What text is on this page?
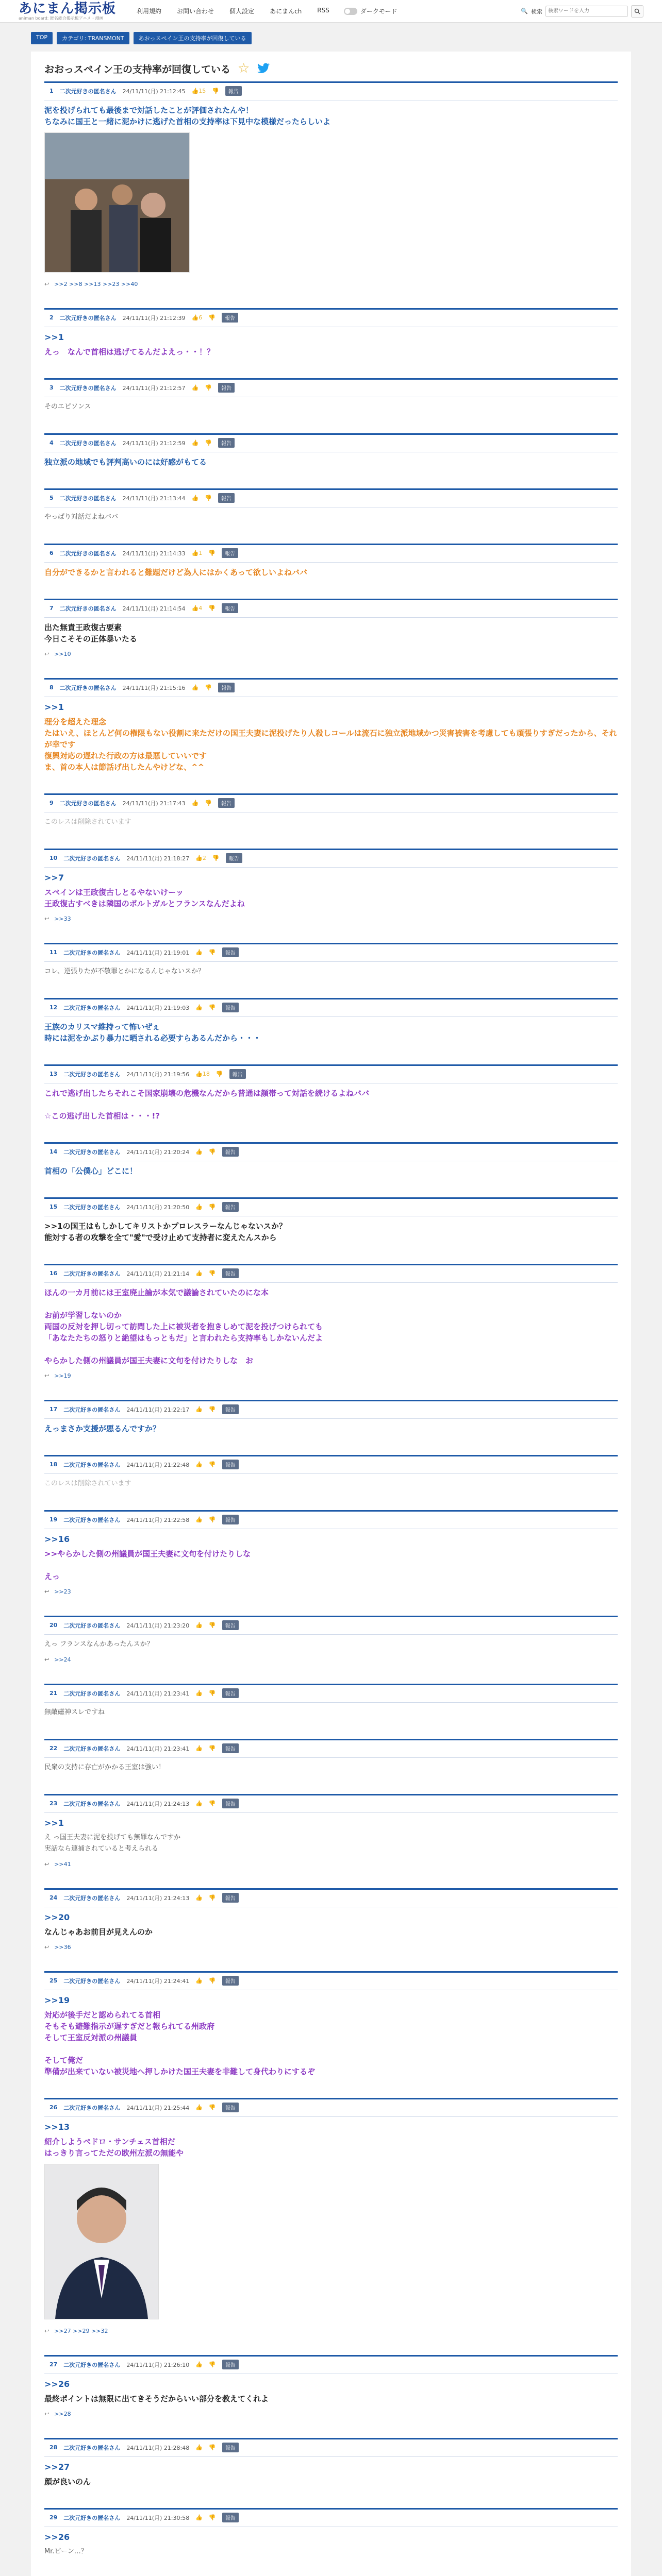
あにまん掲示板
animan board: 匿名総合掲示板アニメ・漫画
利用規約	お問い合わせ	個人設定	あにまんch	RSS	ダークモード	🔍 検索
検索ワードを入力
TOP	カテゴリ: TRANSMONT	あおっスペイン王の支持率が回復している
おおっスペイン王の支持率が回復している ☆
1 二次元好きの匿名さん 24/11/11(月) 21:12:45 👍15 👎	報告
泥を投げられても最後まで対話したことが評価されたんや！
ちなみに国王と一緒に泥かけに逃げた首相の支持率は下見中な模様だったらしいよ
↩ >>2 >>8 >>13 >>23 >>40
2 二次元好きの匿名さん 24/11/11(月) 21:12:39 👍6 👎	報告
>>1
えっ　なんで首相は逃げてるんだよえっ・・！？
3 二次元好きの匿名さん 24/11/11(月) 21:12:57 👍 👎	報告
そのエピソンス
4 二次元好きの匿名さん 24/11/11(月) 21:12:59 👍 👎	報告
独立派の地域でも評判高いのには好感がもてる
5 二次元好きの匿名さん 24/11/11(月) 21:13:44 👍 👎	報告
やっぱり対話だよねババ
6 二次元好きの匿名さん 24/11/11(月) 21:14:33 👍1 👎	報告
自分ができるかと言われると難題だけど為人にはかくあって欲しいよねババ
7 二次元好きの匿名さん 24/11/11(月) 21:14:54 👍4 👎	報告
出た無責王政復古要素
今日こそその正体暴いたる
↩ >>10
8 二次元好きの匿名さん 24/11/11(月) 21:15:16 👍 👎	報告
>>1
理分を超えた理念
たはいえ、ほとんど何の権限もない役割に来ただけの国王夫妻に泥投げたり人殺しコールは流石に独立派地域かつ災害被害を考慮しても頑張りすぎだったから、それが幸です
復興対応の遅れた行政の方は最悪していいです
ま、首の本人は節話げ出したんやけどな、^^
9 二次元好きの匿名さん 24/11/11(月) 21:17:43 👍 👎	報告
このレスは削除されています
10 二次元好きの匿名さん 24/11/11(月) 21:18:27 👍2 👎	報告
>>7
スペインは王政復古しとるやないけーッ
王政復古すべきは隣国のポルトガルとフランスなんだよね
↩ >>33
11 二次元好きの匿名さん 24/11/11(月) 21:19:01 👍 👎	報告
コレ、逆張りたが不敬罪とかになるんじゃないスか？
12 二次元好きの匿名さん 24/11/11(月) 21:19:03 👍 👎	報告
王族のカリスマ維持って怖いぜぇ
時には泥をかぶり暴力に晒される必要すらあるんだから・・・
13 二次元好きの匿名さん 24/11/11(月) 21:19:56 👍18 👎	報告
これで逃げ出したらそれこそ国家崩壊の危機なんだから普通は顔帯って対話を続けるよねババ

☆この逃げ出した首相は・・・!?
14 二次元好きの匿名さん 24/11/11(月) 21:20:24 👍 👎	報告
首相の「公僕心」どこに！
15 二次元好きの匿名さん 24/11/11(月) 21:20:50 👍 👎	報告
>>1の国王はもしかしてキリストかプロレスラーなんじゃないスか？
能対する者の攻撃を全て"愛"で受け止めて支持者に変えたんスから
16 二次元好きの匿名さん 24/11/11(月) 21:21:14 👍 👎	報告
ほんの一カ月前には王室廃止論が本気で議論されていたのにな本

お前が学習しないのか
両国の反対を押し切って訪問した上に被災者を抱きしめて泥を投げつけられても
「あなたたちの怒りと絶望はもっともだ」と言われたら支持率もしかないんだよ

やらかした側の州議員が国王夫妻に文句を付けたりしな　お
↩ >>19
17 二次元好きの匿名さん 24/11/11(月) 21:22:17 👍 👎	報告
えっまさか支援が悪るんですか？
18 二次元好きの匿名さん 24/11/11(月) 21:22:48 👍 👎	報告
このレスは削除されています
19 二次元好きの匿名さん 24/11/11(月) 21:22:58 👍 👎	報告
>>16
>>やらかした側の州議員が国王夫妻に文句を付けたりしな

えっ
↩ >>23
20 二次元好きの匿名さん 24/11/11(月) 21:23:20 👍 👎	報告
えっ フランスなんかあったんスか？
↩ >>24
21 二次元好きの匿名さん 24/11/11(月) 21:23:41 👍 👎	報告
無敵磁神スレですね
22 二次元好きの匿名さん 24/11/11(月) 21:23:41 👍 👎	報告
民衆の支持に存亡がかかる王室は強い！
23 二次元好きの匿名さん 24/11/11(月) 21:24:13 👍 👎	報告
>>1
え っ国王夫妻に泥を投げても無罪なんですか
実話なら連捕されていると考えられる
↩ >>41
24 二次元好きの匿名さん 24/11/11(月) 21:24:13 👍 👎	報告
>>20
なんじゃあお前目が見えんのか
↩ >>36
25 二次元好きの匿名さん 24/11/11(月) 21:24:41 👍 👎	報告
>>19
対応が後手だと認められてる首相
そもそも避難指示が遅すぎだと報られてる州政府
そして王室反対派の州議員

そして俺だ
準備が出来ていない被災地へ押しかけた国王夫妻を非難して身代わりにするぞ
26 二次元好きの匿名さん 24/11/11(月) 21:25:44 👍 👎	報告
>>13
紹介しようペドロ・サンチェス首相だ
はっきり言ってただの欧州左派の無能や
↩ >>27 >>29 >>32
27 二次元好きの匿名さん 24/11/11(月) 21:26:10 👍 👎	報告
>>26
最終ポイントは無限に出てきそうだからいい部分を教えてくれよ
↩ >>28
28 二次元好きの匿名さん 24/11/11(月) 21:28:48 👍 👎	報告
>>27
顔が良いのん
29 二次元好きの匿名さん 24/11/11(月) 21:30:58 👍 👎	報告
>>26
Mr.ビーン…？
